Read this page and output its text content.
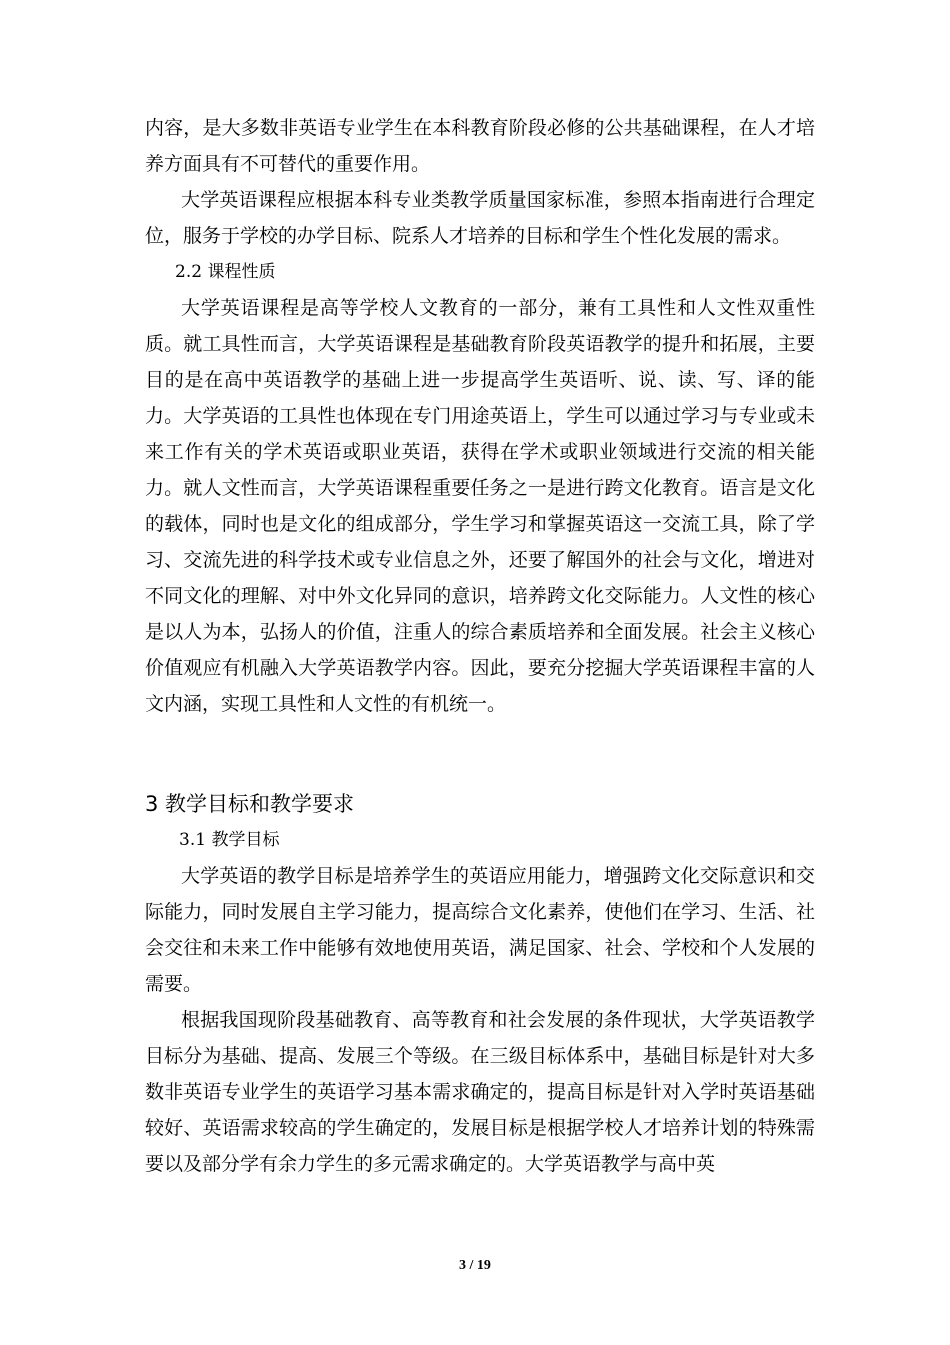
内容，是大多数非英语专业学生在本科教育阶段必修的公共基础课程，在人才培养方面具有不可替代的重要作用。

大学英语课程应根据本科专业类教学质量国家标准，参照本指南进行合理定位，服务于学校的办学目标、院系人才培养的目标和学生个性化发展的需求。

2.2 课程性质

大学英语课程是高等学校人文教育的一部分，兼有工具性和人文性双重性质。就工具性而言，大学英语课程是基础教育阶段英语教学的提升和拓展，主要目的是在高中英语教学的基础上进一步提高学生英语听、说、读、写、译的能力。大学英语的工具性也体现在专门用途英语上，学生可以通过学习与专业或未来工作有关的学术英语或职业英语，获得在学术或职业领域进行交流的相关能力。就人文性而言，大学英语课程重要任务之一是进行跨文化教育。语言是文化的载体，同时也是文化的组成部分，学生学习和掌握英语这一交流工具，除了学习、交流先进的科学技术或专业信息之外，还要了解国外的社会与文化，增进对不同文化的理解、对中外文化异同的意识，培养跨文化交际能力。人文性的核心是以人为本，弘扬人的价值，注重人的综合素质培养和全面发展。社会主义核心价值观应有机融入大学英语教学内容。因此，要充分挖掘大学英语课程丰富的人文内涵，实现工具性和人文性的有机统一。

3 教学目标和教学要求
3.1 教学目标

大学英语的教学目标是培养学生的英语应用能力，增强跨文化交际意识和交际能力，同时发展自主学习能力，提高综合文化素养，使他们在学习、生活、社会交往和未来工作中能够有效地使用英语，满足国家、社会、学校和个人发展的需要。

根据我国现阶段基础教育、高等教育和社会发展的条件现状，大学英语教学目标分为基础、提高、发展三个等级。在三级目标体系中，基础目标是针对大多数非英语专业学生的英语学习基本需求确定的，提高目标是针对入学时英语基础较好、英语需求较高的学生确定的，发展目标是根据学校人才培养计划的特殊需要以及部分学有余力学生的多元需求确定的。大学英语教学与高中英

3 / 19
